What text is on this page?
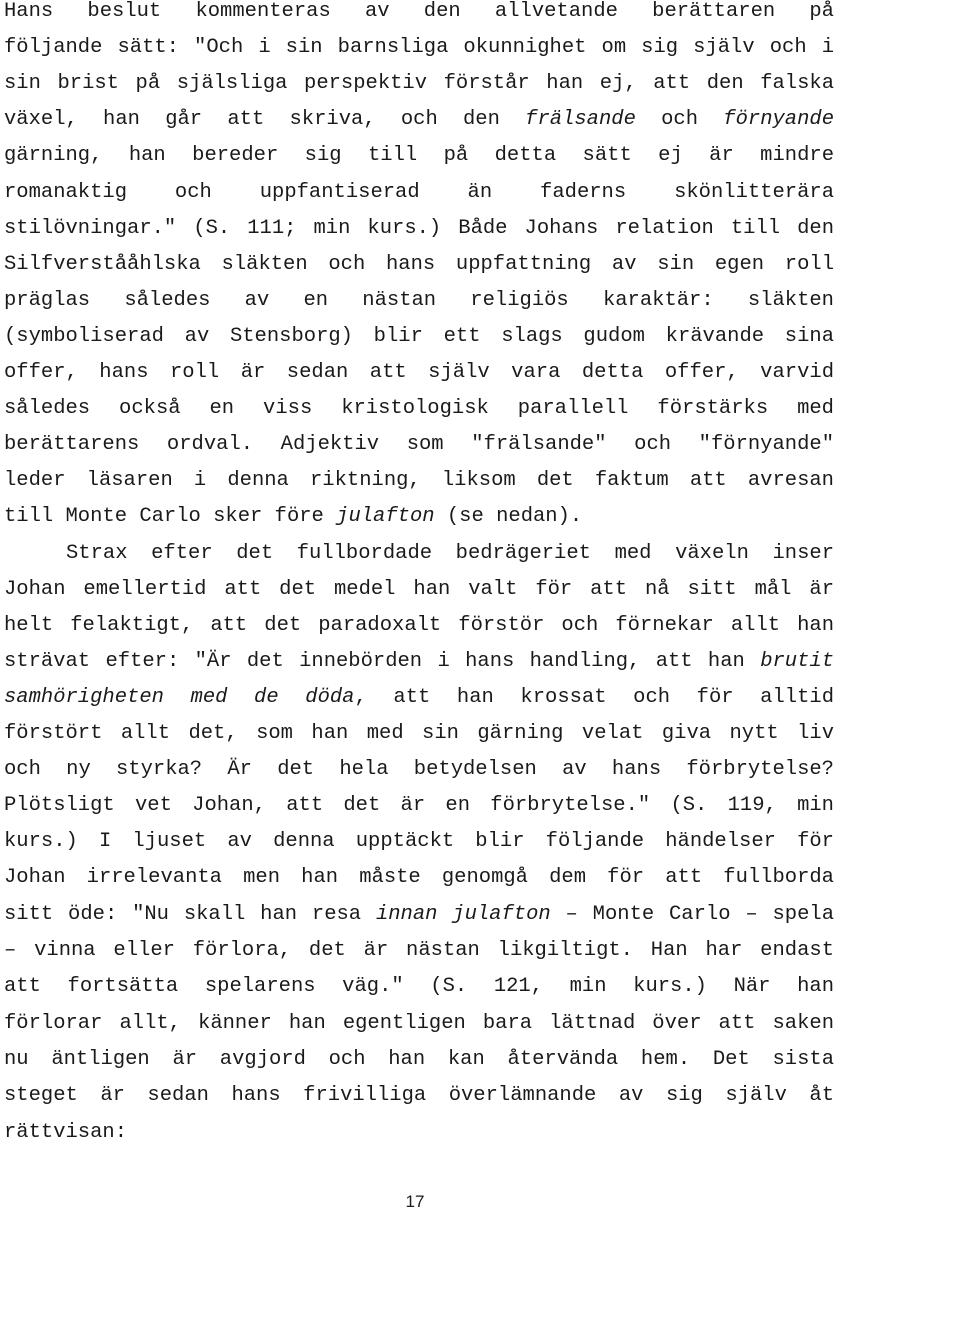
Hans beslut kommenteras av den allvetande berättaren på
följande sätt: "Och i sin barnsliga okunnighet om sig själv och i
sin brist på själsliga perspektiv förstår han ej, att den falska
växel, han går att skriva, och den frälsande och förnyande
gärning, han bereder sig till på detta sätt ej är mindre
romanaktig och uppfantiserad än faderns skönlitterära
stilövningar." (S. 111; min kurs.) Både Johans relation till den
Silfverstååhlska släkten och hans uppfattning av sin egen roll
präglas således av en nästan religiös karaktär: släkten
(symboliserad av Stensborg) blir ett slags gudom krävande sina
offer, hans roll är sedan att själv vara detta offer, varvid
således också en viss kristologisk parallell förstärks med
berättarens ordval. Adjektiv som "frälsande" och "förnyande"
leder läsaren i denna riktning, liksom det faktum att avresan
till Monte Carlo sker före julafton (se nedan).
Strax efter det fullbordade bedrägeriet med växeln inser
Johan emellertid att det medel han valt för att nå sitt mål är
helt felaktigt, att det paradoxalt förstör och förnekar allt han
strävat efter: "Är det innebörden i hans handling, att han brutit
samhörigheten med de döda, att han krossat och för alltid
förstört allt det, som han med sin gärning velat giva nytt liv
och ny styrka? Är det hela betydelsen av hans förbrytelse?
Plötsligt vet Johan, att det är en förbrytelse." (S. 119, min
kurs.) I ljuset av denna upptäckt blir följande händelser för
Johan irrelevanta men han måste genomgå dem för att fullborda
sitt öde: "Nu skall han resa innan julafton – Monte Carlo – spela
– vinna eller förlora, det är nästan likgiltigt. Han har endast
att fortsätta spelarens väg." (S. 121, min kurs.) När han
förlorar allt, känner han egentligen bara lättnad över att saken
nu äntligen är avgjord och han kan återvända hem. Det sista
steget är sedan hans frivilliga överlämnande av sig själv åt
rättvisan:
17
